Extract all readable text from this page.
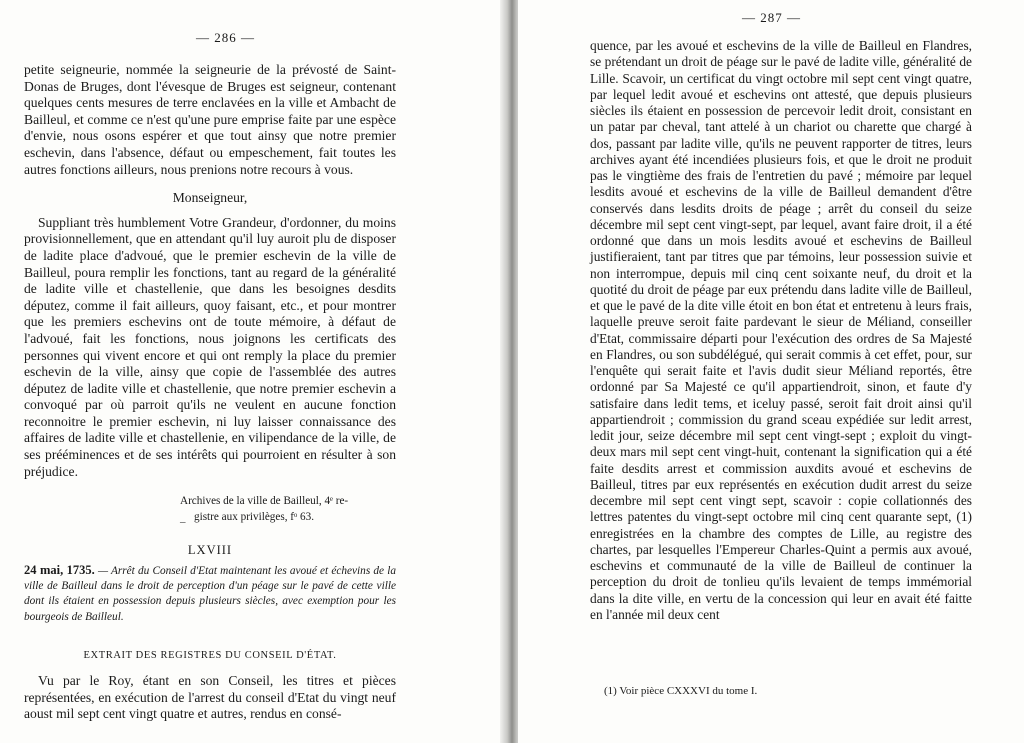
— 286 —

petite seigneurie, nommée la seigneurie de la prévosté de Saint-Donas de Bruges, dont l'évesque de Bruges est seigneur, contenant quelques cents mesures de terre enclavées en la ville et Ambacht de Bailleul, et comme ce n'est qu'une pure emprise faite par une espèce d'envie, nous osons espérer et que tout ainsy que notre premier eschevin, dans l'absence, défaut ou empeschement, fait toutes les autres fonctions ailleurs, nous prenions notre recours à vous.

Monseigneur,

Suppliant très humblement Votre Grandeur, d'ordonner, du moins provisionnellement, que en attendant qu'il luy auroit plu de disposer de ladite place d'advoué, que le premier eschevin de la ville de Bailleul, poura remplir les fonctions, tant au regard de la généralité de ladite ville et chastellenie, que dans les besoignes desdits députez, comme il fait ailleurs, quoy faisant, etc., et pour montrer que les premiers eschevins ont de toute mémoire, à défaut de l'advoué, fait les fonctions, nous joignons les certificats des personnes qui vivent encore et qui ont remply la place du premier eschevin de la ville, ainsy que copie de l'assemblée des autres députez de ladite ville et chastellenie, que notre premier eschevin a convoqué par où parroit qu'ils ne veulent en aucune fonction reconnoitre le premier eschevin, ni luy laisser connaissance des affaires de ladite ville et chastellenie, en vilipendance de la ville, de ses prééminences et de ses intérêts qui pourroient en résulter à son préjudice.

Archives de la ville de Bailleul, 4ᵉ re-
gistre aux privilèges, fᵒ 63.
_
LXVIII
24 mai, 1735. — Arrêt du Conseil d'Etat maintenant les avoué et échevins de la ville de Bailleul dans le droit de perception d'un péage sur le pavé de cette ville dont ils étaient en possession depuis plusieurs siècles, avec exemption pour les bourgeois de Bailleul.
EXTRAIT DES REGISTRES DU CONSEIL D'ÉTAT.

Vu par le Roy, étant en son Conseil, les titres et pièces représentées, en exécution de l'arrest du conseil d'Etat du vingt neuf aoust mil sept cent vingt quatre et autres, rendus en consé-

— 287 —

quence, par les avoué et eschevins de la ville de Bailleul en Flandres, se prétendant un droit de péage sur le pavé de ladite ville, généralité de Lille. Scavoir, un certificat du vingt octobre mil sept cent vingt quatre, par lequel ledit avoué et eschevins ont attesté, que depuis plusieurs siècles ils étaient en possession de percevoir ledit droit, consistant en un patar par cheval, tant attelé à un chariot ou charette que chargé à dos, passant par ladite ville, qu'ils ne peuvent rapporter de titres, leurs archives ayant été incendiées plusieurs fois, et que le droit ne produit pas le vingtième des frais de l'entretien du pavé ; mémoire par lequel lesdits avoué et eschevins de la ville de Bailleul demandent d'être conservés dans lesdits droits de péage ; arrêt du conseil du seize décembre mil sept cent vingt-sept, par lequel, avant faire droit, il a été ordonné que dans un mois lesdits avoué et eschevins de Bailleul justifieraient, tant par titres que par témoins, leur possession suivie et non interrompue, depuis mil cinq cent soixante neuf, du droit et la quotité du droit de péage par eux prétendu dans ladite ville de Bailleul, et que le pavé de la dite ville étoit en bon état et entretenu à leurs frais, laquelle preuve seroit faite pardevant le sieur de Méliand, conseiller d'Etat, commissaire départi pour l'exécution des ordres de Sa Majesté en Flandres, ou son subdélégué, qui serait commis à cet effet, pour, sur l'enquête qui serait faite et l'avis dudit sieur Méliand reportés, être ordonné par Sa Majesté ce qu'il appartiendroit, sinon, et faute d'y satisfaire dans ledit tems, et iceluy passé, seroit fait droit ainsi qu'il appartiendroit ; commission du grand sceau expédiée sur ledit arrest, ledit jour, seize décembre mil sept cent vingt-sept ; exploit du vingt-deux mars mil sept cent vingt-huit, contenant la signification qui a été faite desdits arrest et commission auxdits avoué et eschevins de Bailleul, titres par eux représentés en exécution dudit arrest du seize decembre mil sept cent vingt sept, scavoir : copie collationnés des lettres patentes du vingt-sept octobre mil cinq cent quarante sept, (1) enregistrées en la chambre des comptes de Lille, au registre des chartes, par lesquelles l'Empereur Charles-Quint a permis aux avoué, eschevins et communauté de la ville de Bailleul de continuer la perception du droit de tonlieu qu'ils levaient de temps immémorial dans la dite ville, en vertu de la concession qui leur en avait été faitte en l'année mil deux cent

(1) Voir pièce CXXXVI du tome I.
